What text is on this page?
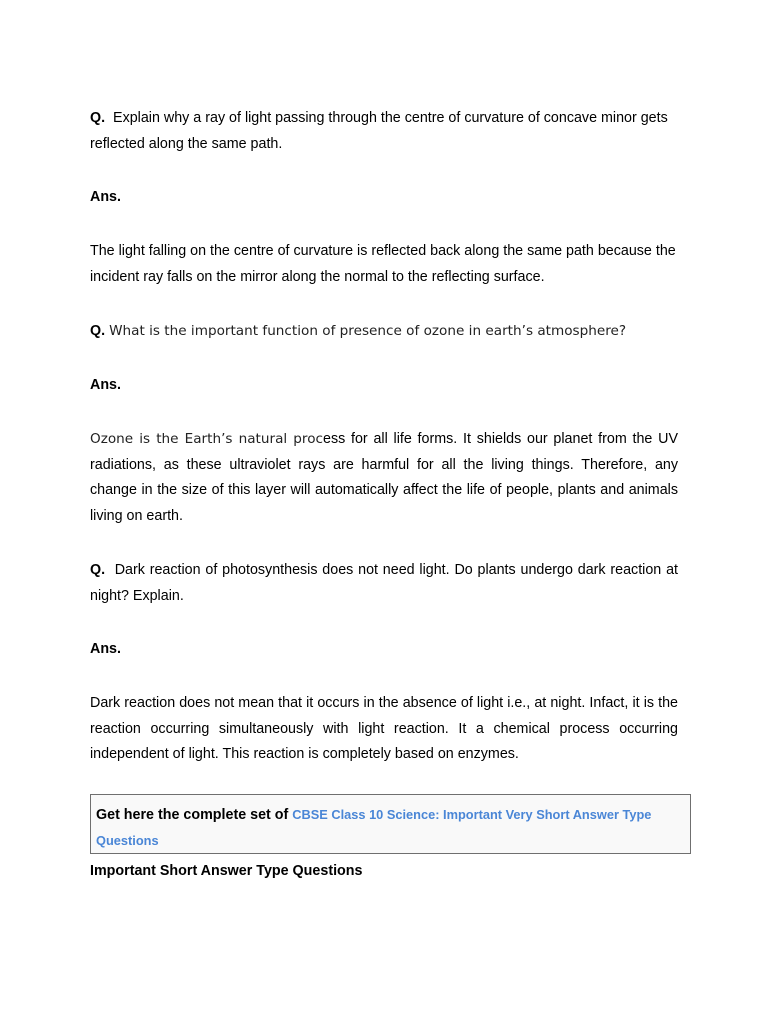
Q. Explain why a ray of light passing through the centre of curvature of concave minor gets reflected along the same path.

Ans.

The light falling on the centre of curvature is reflected back along the same path because the incident ray falls on the mirror along the normal to the reflecting surface.

Q. What is the important function of presence of ozone in earth’s atmosphere?

Ans.

Ozone is the Earth’s natural process for all life forms. It shields our planet from the UV radiations, as these ultraviolet rays are harmful for all the living things. Therefore, any change in the size of this layer will automatically affect the life of people, plants and animals living on earth.

Q. Dark reaction of photosynthesis does not need light. Do plants undergo dark reaction at night? Explain.

Ans.

Dark reaction does not mean that it occurs in the absence of light i.e., at night. Infact, it is the reaction occurring simultaneously with light reaction. It a chemical process occurring independent of light. This reaction is completely based on enzymes.

Get here the complete set of CBSE Class 10 Science: Important Very Short Answer Type Questions

Important Short Answer Type Questions
